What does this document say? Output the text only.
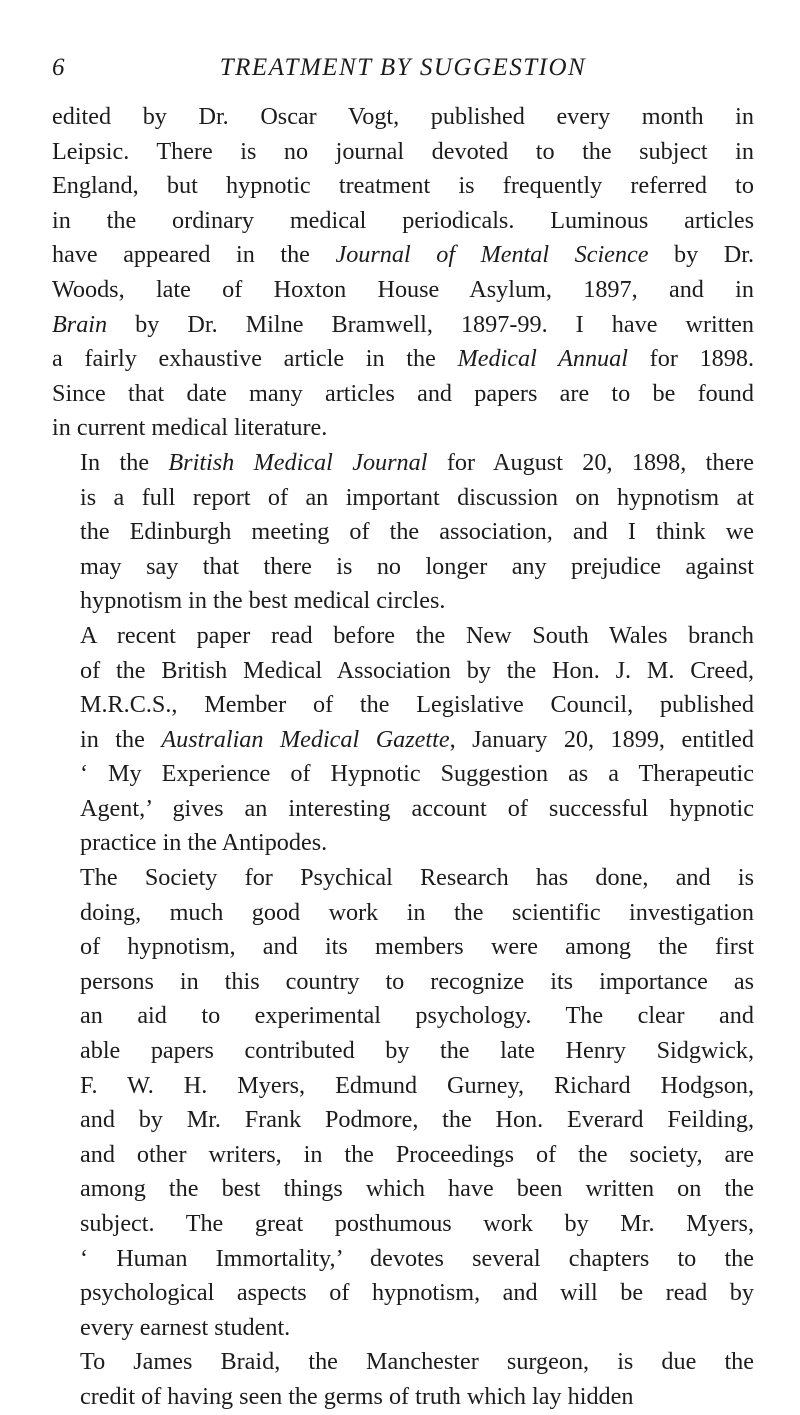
6	TREATMENT BY SUGGESTION

edited by Dr. Oscar Vogt, published every month in
Leipsic. There is no journal devoted to the subject in
England, but hypnotic treatment is frequently referred to
in the ordinary medical periodicals. Luminous articles
have appeared in the Journal of Mental Science by Dr.
Woods, late of Hoxton House Asylum, 1897, and in
Brain by Dr. Milne Bramwell, 1897-99. I have written
a fairly exhaustive article in the Medical Annual for 1898.
Since that date many articles and papers are to be found
in current medical literature.

In the British Medical Journal for August 20, 1898, there
is a full report of an important discussion on hypnotism at
the Edinburgh meeting of the association, and I think we
may say that there is no longer any prejudice against
hypnotism in the best medical circles.

A recent paper read before the New South Wales branch
of the British Medical Association by the Hon. J. M. Creed,
M.R.C.S., Member of the Legislative Council, published
in the Australian Medical Gazette, January 20, 1899, entitled
‘ My Experience of Hypnotic Suggestion as a Therapeutic
Agent,’ gives an interesting account of successful hypnotic
practice in the Antipodes.

The Society for Psychical Research has done, and is
doing, much good work in the scientific investigation
of hypnotism, and its members were among the first
persons in this country to recognize its importance as
an aid to experimental psychology. The clear and
able papers contributed by the late Henry Sidgwick,
F. W. H. Myers, Edmund Gurney, Richard Hodgson,
and by Mr. Frank Podmore, the Hon. Everard Feilding,
and other writers, in the Proceedings of the society, are
among the best things which have been written on the
subject. The great posthumous work by Mr. Myers,
‘ Human Immortality,’ devotes several chapters to the
psychological aspects of hypnotism, and will be read by
every earnest student.

To James Braid, the Manchester surgeon, is due the
credit of having seen the germs of truth which lay hidden
